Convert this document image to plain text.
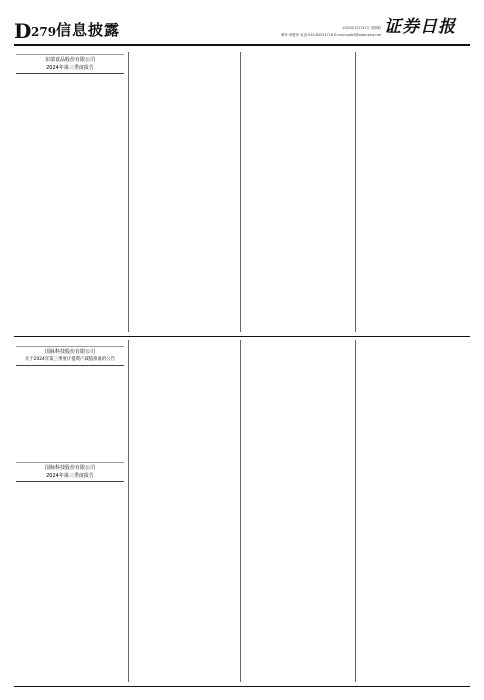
D 279 信息披露	2024年10月31日 星期四
制作:李敬荣 电话:010-83251716 E-mail:zqrb9@zqrb.sina.net 证券日报
东瑞食品股份有限公司
2024年第三季度报告
国脉科技股份有限公司
关于2024年第三季度计提资产减值准备的公告
国脉科技股份有限公司
2024年第三季度报告
